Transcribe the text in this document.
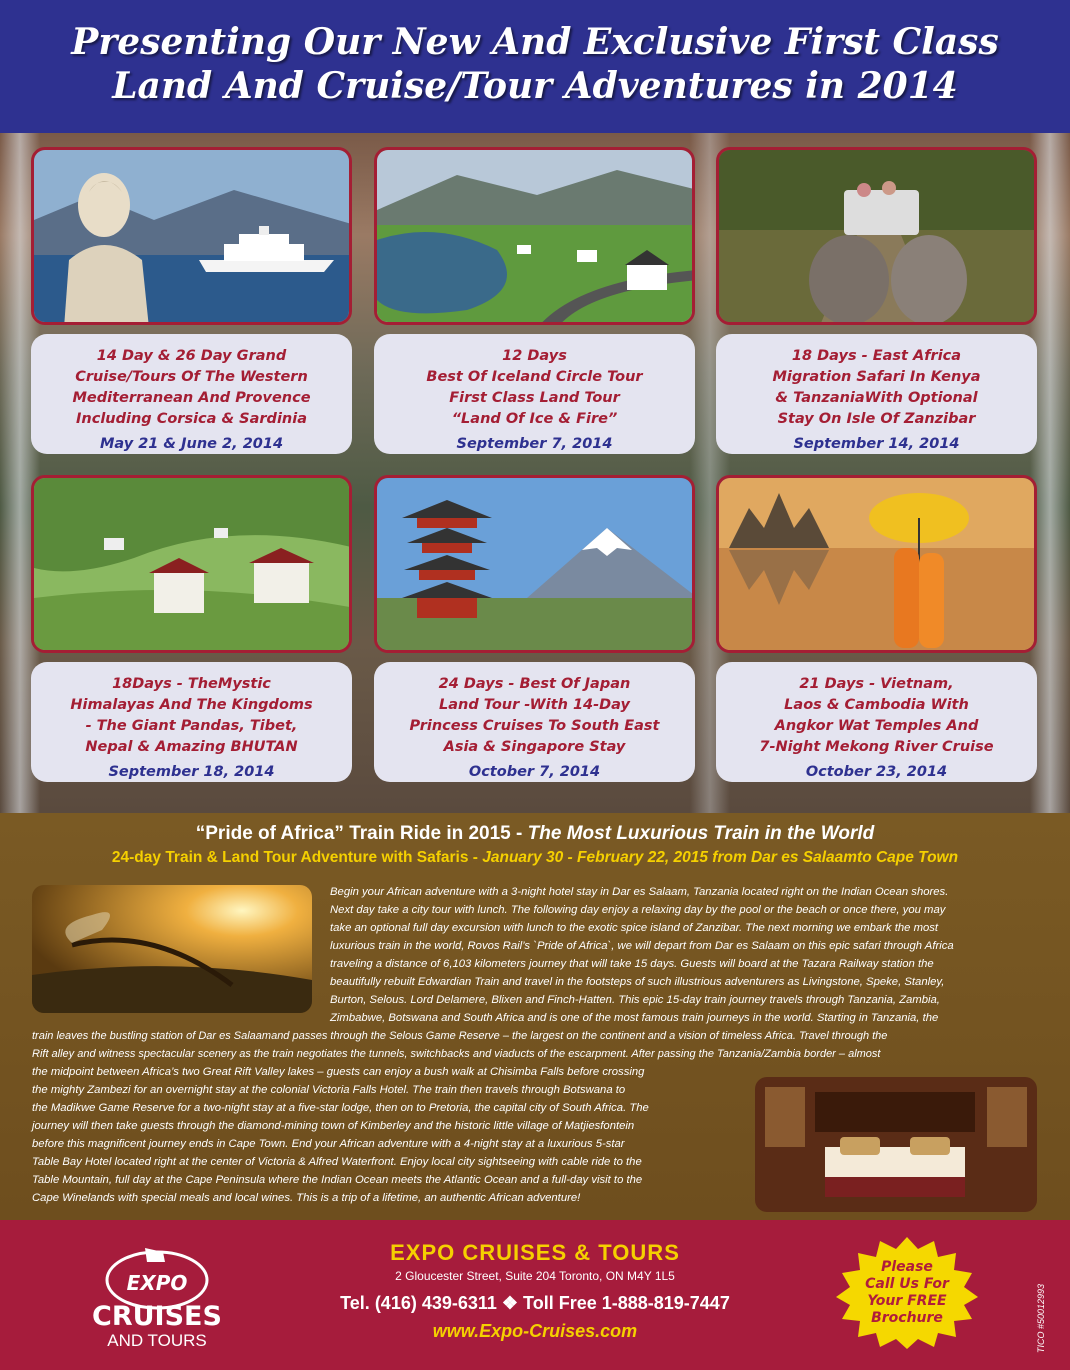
Presenting Our New And Exclusive First Class
Land And Cruise/Tour Adventures in 2014
14 Day & 26 Day Grand
Cruise/Tours Of The Western
Mediterranean And Provence
Including Corsica & Sardinia
May 21 & June 2, 2014
12 Days
Best Of Iceland Circle Tour
First Class Land Tour
“Land Of Ice & Fire”
September 7, 2014
18 Days - East Africa
Migration Safari In Kenya
& TanzaniaWith Optional
Stay On Isle Of Zanzibar
September 14, 2014
18Days - TheMystic
Himalayas And The Kingdoms
- The Giant Pandas, Tibet,
Nepal & Amazing BHUTAN
September 18, 2014
24 Days - Best Of Japan
Land Tour -With 14-Day
Princess Cruises To South East
Asia & Singapore Stay
October 7, 2014
21 Days - Vietnam,
Laos & Cambodia With
Angkor Wat Temples And
7-Night Mekong River Cruise
October 23, 2014
“Pride of Africa” Train Ride in 2015 - The Most Luxurious Train in the World
24-day Train & Land Tour Adventure with Safaris - January 30 - February 22, 2015 from Dar es Salaamto Cape Town
Begin your African adventure with a 3-night hotel stay in Dar es Salaam, Tanzania located right on the Indian Ocean shores.
Next day take a city tour with lunch. The following day enjoy a relaxing day by the pool or the beach or once there, you may
take an optional full day excursion with lunch to the exotic spice island of Zanzibar. The next morning we embark the most
luxurious train in the world, Rovos Rail’s `Pride of Africa`, we will depart from Dar es Salaam on this epic safari through Africa
traveling a distance of 6,103 kilometers journey that will take 15 days. Guests will board at the Tazara Railway station the
beautifully rebuilt Edwardian Train and travel in the footsteps of such illustrious adventurers as Livingstone, Speke, Stanley,
Burton, Selous. Lord Delamere, Blixen and Finch-Hatten. This epic 15-day train journey travels through Tanzania, Zambia,
Zimbabwe, Botswana and South Africa and is one of the most famous train journeys in the world. Starting in Tanzania, the
train leaves the bustling station of Dar es Salaamand passes through the Selous Game Reserve – the largest on the continent and a vision of timeless Africa. Travel through the
Rift alley and witness spectacular scenery as the train negotiates the tunnels, switchbacks and viaducts of the escarpment. After passing the Tanzania/Zambia border – almost
the midpoint between Africa’s two Great Rift Valley lakes – guests can enjoy a bush walk at Chisimba Falls before crossing
the mighty Zambezi for an overnight stay at the colonial Victoria Falls Hotel. The train then travels through Botswana to
the Madikwe Game Reserve for a two-night stay at a five-star lodge, then on to Pretoria, the capital city of South Africa. The
journey will then take guests through the diamond-mining town of Kimberley and the historic little village of Matjiesfontein
before this magnificent journey ends in Cape Town. End your African adventure with a 4-night stay at a luxurious 5-star
Table Bay Hotel located right at the center of Victoria & Alfred Waterfront. Enjoy local city sightseeing with cable ride to the
Table Mountain, full day at the Cape Peninsula where the Indian Ocean meets the Atlantic Ocean and a full-day visit to the
Cape Winelands with special meals and local wines. This is a trip of a lifetime, an authentic African adventure!
EXPO
CRUISES
AND TOURS
EXPO CRUISES & TOURS
2 Gloucester Street, Suite 204 Toronto, ON M4Y 1L5
Tel. (416) 439-6311 ❖ Toll Free 1-888-819-7447
www.Expo-Cruises.com
Please
Call Us For
Your FREE
Brochure	TICO #50012993
